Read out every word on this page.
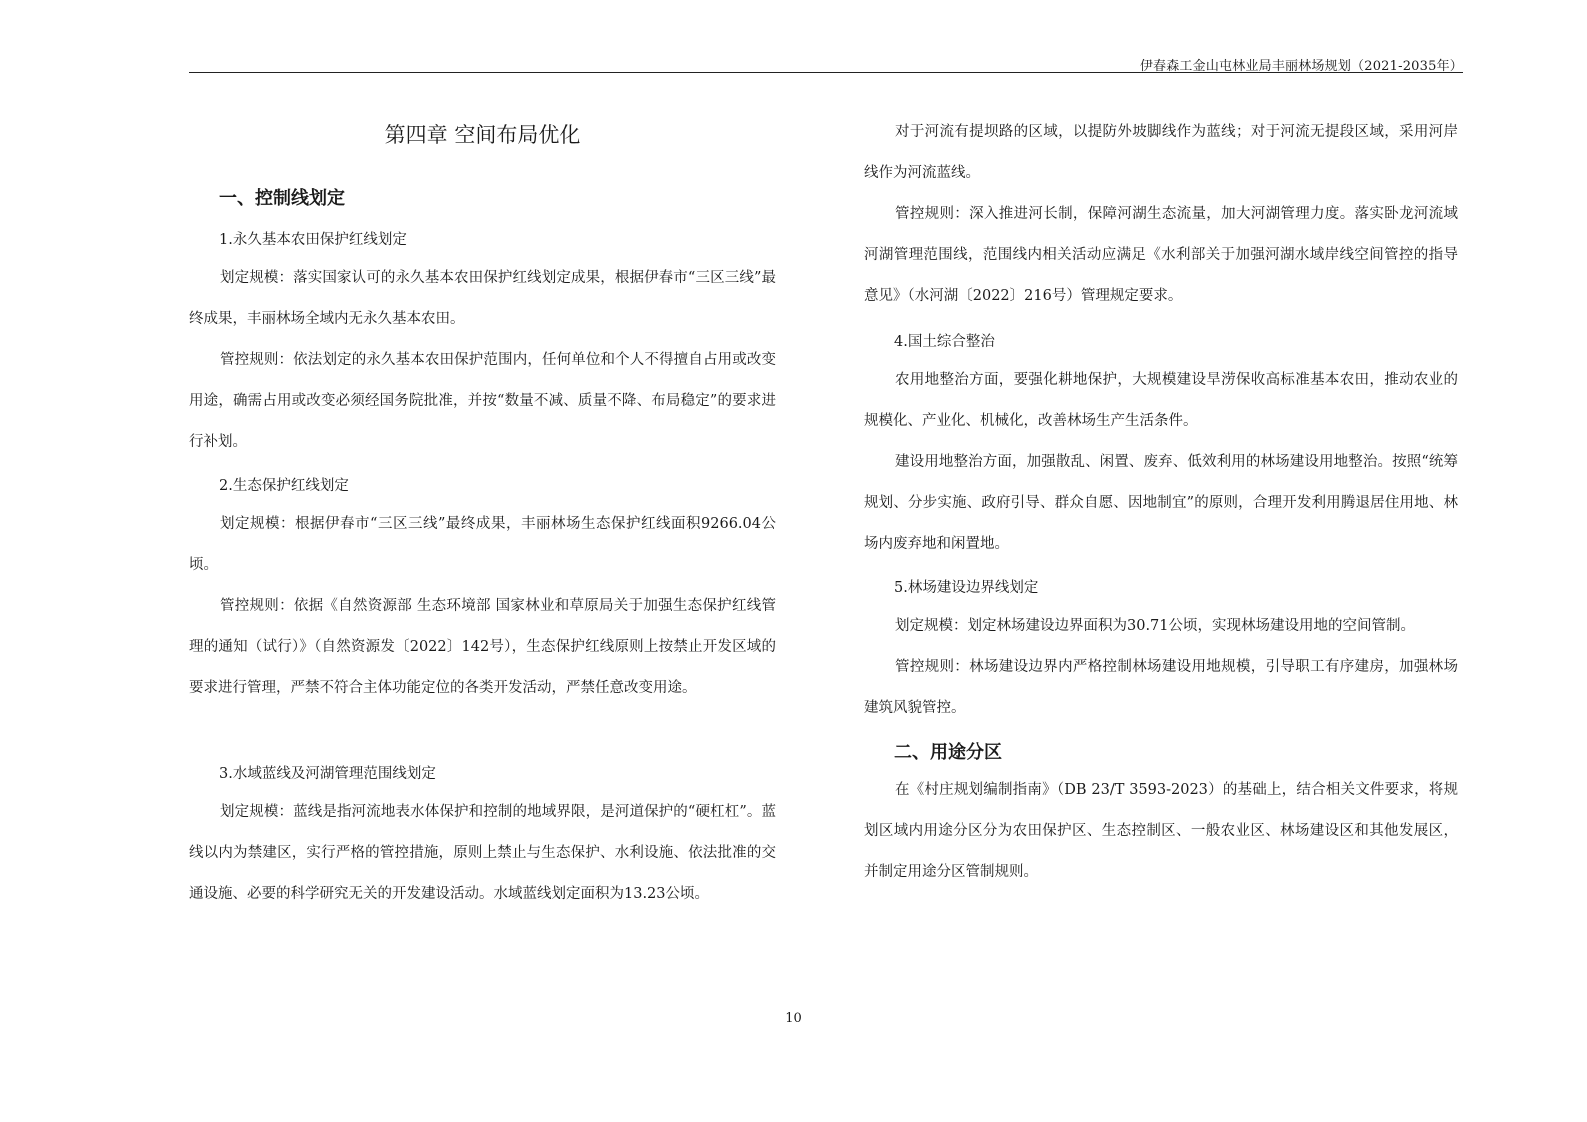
伊春森工金山屯林业局丰丽林场规划（2021-2035年）
第四章 空间布局优化
一、控制线划定
1.永久基本农田保护红线划定

划定规模：落实国家认可的永久基本农田保护红线划定成果，根据伊春市“三区三线”最终成果，丰丽林场全域内无永久基本农田。

管控规则：依法划定的永久基本农田保护范围内，任何单位和个人不得擅自占用或改变用途，确需占用或改变必须经国务院批准，并按“数量不减、质量不降、布局稳定”的要求进行补划。

2.生态保护红线划定

划定规模：根据伊春市“三区三线”最终成果，丰丽林场生态保护红线面积9266.04公顷。

管控规则：依据《自然资源部 生态环境部 国家林业和草原局关于加强生态保护红线管理的通知（试行）》（自然资源发〔2022〕142号），生态保护红线原则上按禁止开发区域的要求进行管理，严禁不符合主体功能定位的各类开发活动，严禁任意改变用途。

3.水域蓝线及河湖管理范围线划定

划定规模：蓝线是指河流地表水体保护和控制的地域界限，是河道保护的“硬杠杠”。蓝线以内为禁建区，实行严格的管控措施，原则上禁止与生态保护、水利设施、依法批准的交通设施、必要的科学研究无关的开发建设活动。水域蓝线划定面积为13.23公顷。

对于河流有提坝路的区域，以提防外坡脚线作为蓝线；对于河流无提段区域，采用河岸线作为河流蓝线。

管控规则：深入推进河长制，保障河湖生态流量，加大河湖管理力度。落实卧龙河流域河湖管理范围线，范围线内相关活动应满足《水利部关于加强河湖水域岸线空间管控的指导意见》（水河湖〔2022〕216号）管理规定要求。

4.国土综合整治

农用地整治方面，要强化耕地保护，大规模建设旱涝保收高标准基本农田，推动农业的规模化、产业化、机械化，改善林场生产生活条件。

建设用地整治方面，加强散乱、闲置、废弃、低效利用的林场建设用地整治。按照“统筹规划、分步实施、政府引导、群众自愿、因地制宜”的原则，合理开发利用腾退居住用地、林场内废弃地和闲置地。

5.林场建设边界线划定

划定规模：划定林场建设边界面积为30.71公顷，实现林场建设用地的空间管制。

管控规则：林场建设边界内严格控制林场建设用地规模，引导职工有序建房，加强林场建筑风貌管控。

二、用途分区

在《村庄规划编制指南》（DB 23/T 3593-2023）的基础上，结合相关文件要求，将规划区域内用途分区分为农田保护区、生态控制区、一般农业区、林场建设区和其他发展区，并制定用途分区管制规则。

10
